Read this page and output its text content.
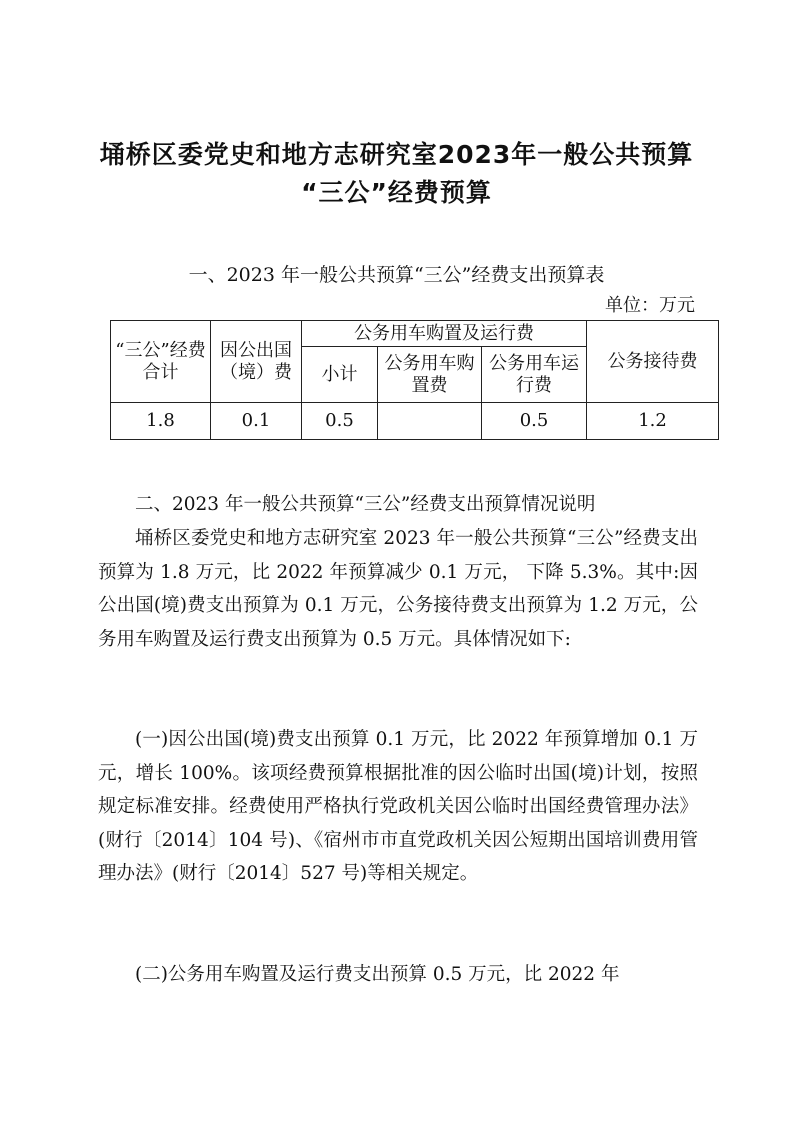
埇桥区委党史和地方志研究室2023年一般公共预算
“三公”经费预算
一、2023 年一般公共预算“三公”经费支出预算表
单位：万元
“三公”经费合计	因公出国（境）费	公务用车购置及运行费			公务接待费
		小计	公务用车购置费	公务用车运行费	
1.8	0.1	0.5		0.5	1.2

二、2023 年一般公共预算“三公”经费支出预算情况说明

埇桥区委党史和地方志研究室 2023 年一般公共预算“三公”经费支出预算为 1.8 万元，比 2022 年预算减少 0.1 万元， 下降 5.3%。其中:因公出国(境)费支出预算为 0.1 万元，公务接待费支出预算为 1.2 万元，公务用车购置及运行费支出预算为 0.5 万元。具体情况如下:

(一)因公出国(境)费支出预算 0.1 万元，比 2022 年预算增加 0.1 万元，增长 100%。该项经费预算根据批准的因公临时出国(境)计划，按照规定标准安排。经费使用严格执行党政机关因公临时出国经费管理办法》(财行〔2014〕104 号)、《宿州市市直党政机关因公短期出国培训费用管理办法》(财行〔2014〕527 号)等相关规定。

(二)公务用车购置及运行费支出预算 0.5 万元，比 2022 年
